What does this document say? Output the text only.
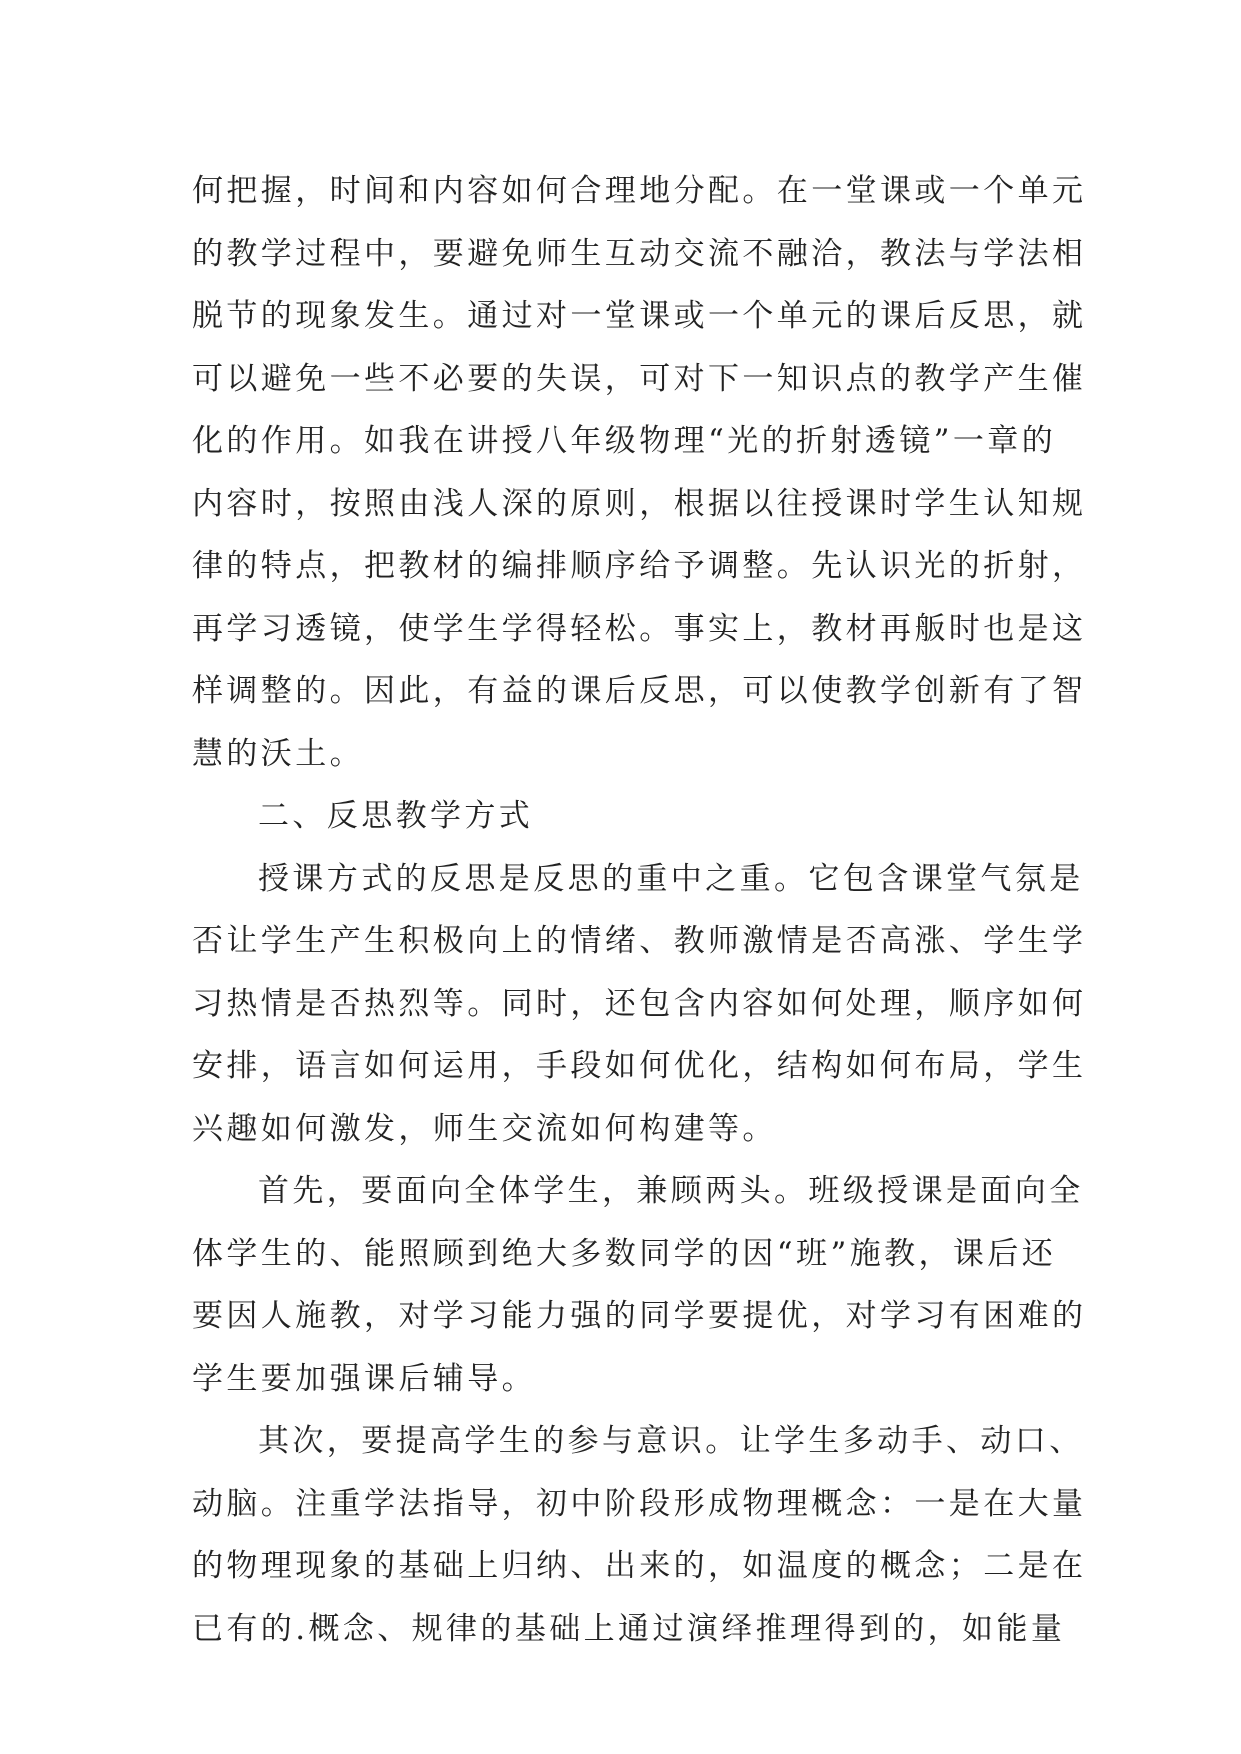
何把握，时间和内容如何合理地分配。在一堂课或一个单元
的教学过程中，要避免师生互动交流不融洽，教法与学法相
脱节的现象发生。通过对一堂课或一个单元的课后反思，就
可以避免一些不必要的失误，可对下一知识点的教学产生催
化的作用。如我在讲授八年级物理“光的折射透镜”一章的
内容时，按照由浅人深的原则，根据以往授课时学生认知规
律的特点，把教材的编排顺序给予调整。先认识光的折射，
再学习透镜，使学生学得轻松。事实上，教材再舨时也是这
样调整的。因此，有益的课后反思，可以使教学创新有了智
慧的沃土。
二、反思教学方式
授课方式的反思是反思的重中之重。它包含课堂气氛是
否让学生产生积极向上的情绪、教师激情是否高涨、学生学
习热情是否热烈等。同时，还包含内容如何处理，顺序如何
安排，语言如何运用，手段如何优化，结构如何布局，学生
兴趣如何激发，师生交流如何构建等。
首先，要面向全体学生，兼顾两头。班级授课是面向全
体学生的、能照顾到绝大多数同学的因“班”施教，课后还
要因人施教，对学习能力强的同学要提优，对学习有困难的
学生要加强课后辅导。
其次，要提高学生的参与意识。让学生多动手、动口、
动脑。注重学法指导，初中阶段形成物理概念：一是在大量
的物理现象的基础上归纳、出来的，如温度的概念；二是在
已有的.概念、规律的基础上通过演绎推理得到的，如能量
